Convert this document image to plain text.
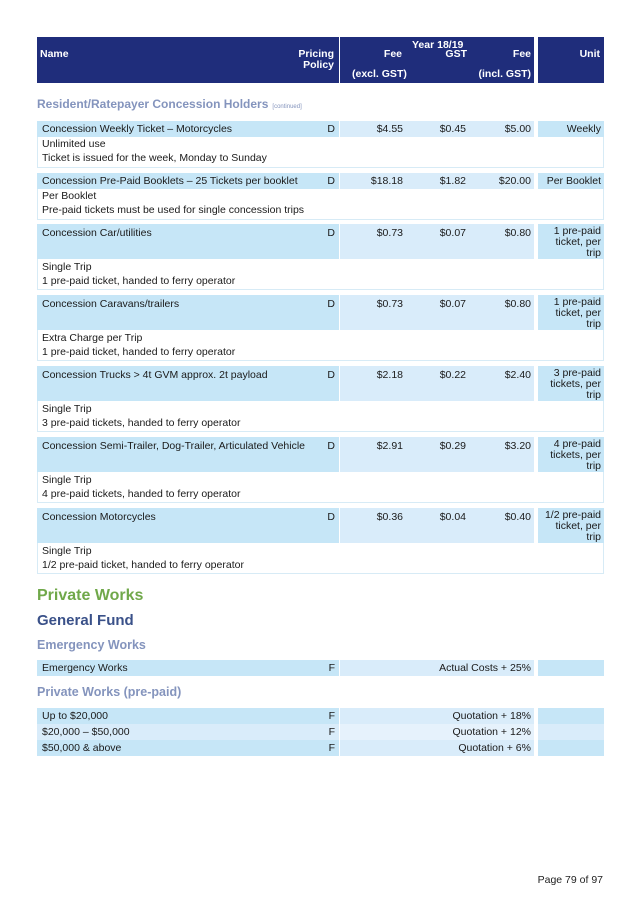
Name	Pricing
Policy
Year 18/19
Fee	GST	Fee
(excl. GST)	(incl. GST)
Unit
Resident/Ratepayer Concession Holders [continued]
Concession Weekly Ticket – Motorcycles	D	$4.55	$0.45	$5.00	Weekly
Unlimited use
Ticket is issued for the week, Monday to Sunday
Concession Pre-Paid Booklets – 25 Tickets per booklet	D	$18.18	$1.82	$20.00	Per Booklet
Per Booklet
Pre-paid tickets must be used for single concession trips
Concession Car/utilities	D	$0.73	$0.07	$0.80	1 pre-paid
ticket, per
trip
Single Trip
1 pre-paid ticket, handed to ferry operator
Concession Caravans/trailers	D	$0.73	$0.07	$0.80	1 pre-paid
ticket, per
trip
Extra Charge per Trip
1 pre-paid ticket, handed to ferry operator
Concession Trucks > 4t GVM approx. 2t payload	D	$2.18	$0.22	$2.40	3 pre-paid
tickets, per
trip
Single Trip
3 pre-paid tickets, handed to ferry operator
Concession Semi-Trailer, Dog-Trailer, Articulated Vehicle	D	$2.91	$0.29	$3.20	4 pre-paid
tickets, per
trip
Single Trip
4 pre-paid tickets, handed to ferry operator
Concession Motorcycles	D	$0.36	$0.04	$0.40	1/2 pre-paid
ticket, per
trip
Single Trip
1/2 pre-paid ticket, handed to ferry operator
Private Works
General Fund
Emergency Works
Emergency Works	F	Actual Costs + 25%
Private Works (pre-paid)
Up to $20,000	F	Quotation + 18%
$20,000 – $50,000	F	Quotation + 12%
$50,000 & above	F	Quotation + 6%
Page 79 of 97
